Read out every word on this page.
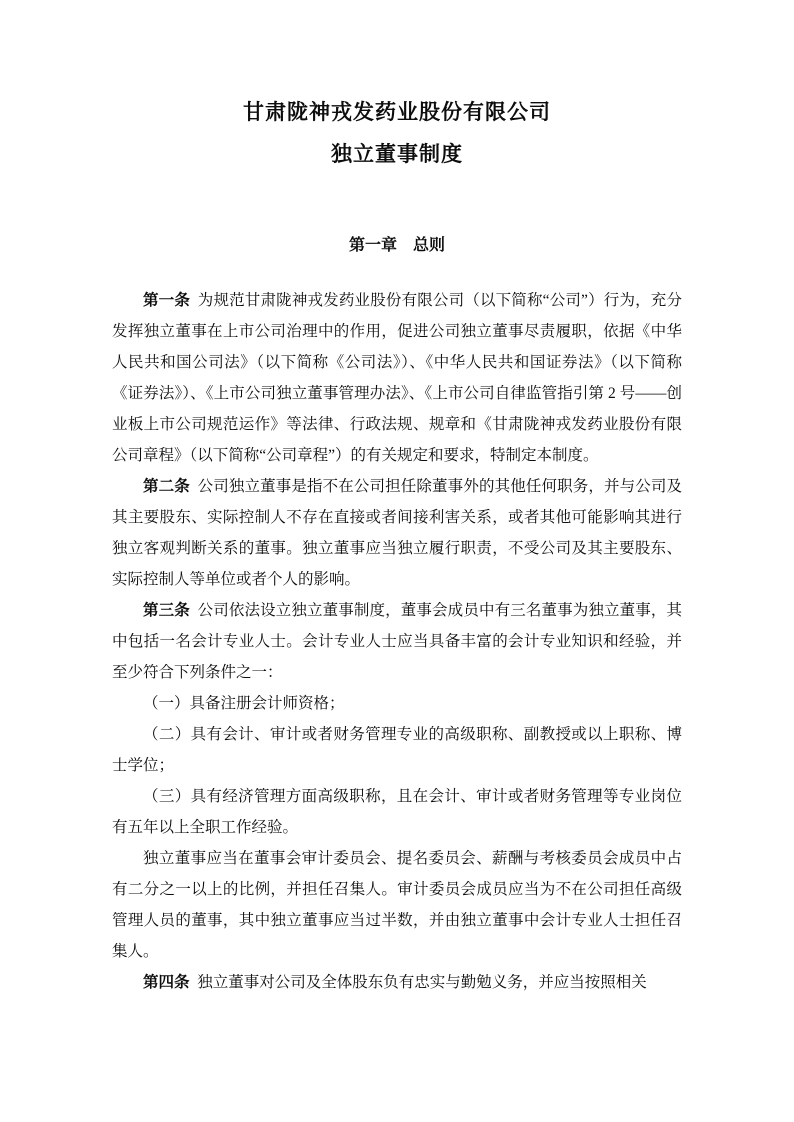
甘肃陇神戎发药业股份有限公司
独立董事制度
第一章　总则

第一条 为规范甘肃陇神戎发药业股份有限公司（以下简称“公司”）行为，充分发挥独立董事在上市公司治理中的作用，促进公司独立董事尽责履职，依据《中华人民共和国公司法》（以下简称《公司法》）、《中华人民共和国证券法》（以下简称《证券法》）、《上市公司独立董事管理办法》、《上市公司自律监管指引第 2 号——创业板上市公司规范运作》等法律、行政法规、规章和《甘肃陇神戎发药业股份有限公司章程》（以下简称“公司章程”）的有关规定和要求，特制定本制度。

第二条 公司独立董事是指不在公司担任除董事外的其他任何职务，并与公司及其主要股东、实际控制人不存在直接或者间接利害关系，或者其他可能影响其进行独立客观判断关系的董事。独立董事应当独立履行职责，不受公司及其主要股东、实际控制人等单位或者个人的影响。

第三条 公司依法设立独立董事制度，董事会成员中有三名董事为独立董事，其中包括一名会计专业人士。会计专业人士应当具备丰富的会计专业知识和经验，并至少符合下列条件之一：

（一）具备注册会计师资格；

（二）具有会计、审计或者财务管理专业的高级职称、副教授或以上职称、博士学位；

（三）具有经济管理方面高级职称，且在会计、审计或者财务管理等专业岗位有五年以上全职工作经验。

独立董事应当在董事会审计委员会、提名委员会、薪酬与考核委员会成员中占有二分之一以上的比例，并担任召集人。审计委员会成员应当为不在公司担任高级管理人员的董事，其中独立董事应当过半数，并由独立董事中会计专业人士担任召集人。

第四条 独立董事对公司及全体股东负有忠实与勤勉义务，并应当按照相关
